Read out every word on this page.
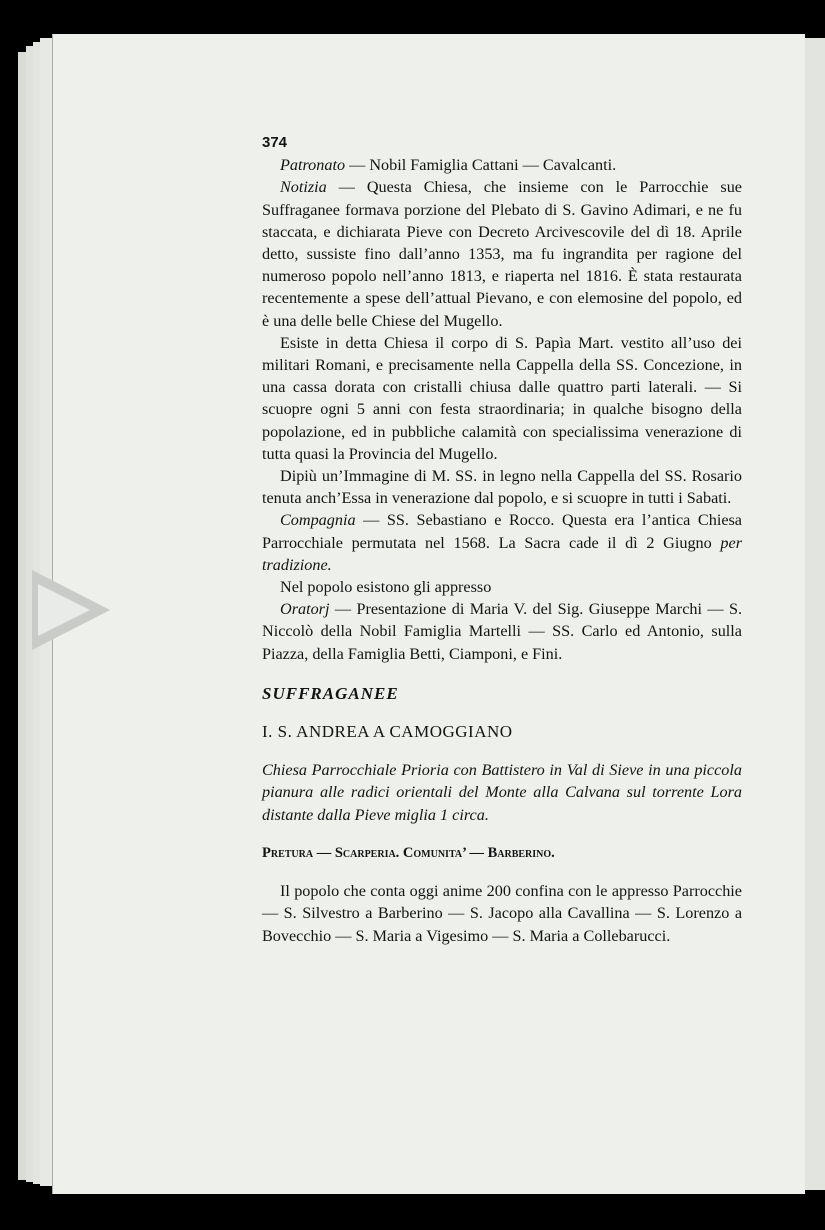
374

Patronato — Nobil Famiglia Cattani — Cavalcanti.

Notizia — Questa Chiesa, che insieme con le Parrocchie sue Suffraganee formava porzione del Plebato di S. Gavino Adimari, e ne fu staccata, e dichiarata Pieve con Decreto Arcivescovile del dì 18. Aprile detto, sussiste fino dall’anno 1353, ma fu ingrandita per ragione del numeroso popolo nell’anno 1813, e riaperta nel 1816. È stata restaurata recentemente a spese dell’attual Pievano, e con elemosine del popolo, ed è una delle belle Chiese del Mugello.

Esiste in detta Chiesa il corpo di S. Papìa Mart. vestito all’uso dei militari Romani, e precisamente nella Cappella della SS. Concezione, in una cassa dorata con cristalli chiusa dalle quattro parti laterali. — Si scuopre ogni 5 anni con festa straordinaria; in qualche bisogno della popolazione, ed in pubbliche calamità con specialissima venerazione di tutta quasi la Provincia del Mugello.

Dipiù un’Immagine di M. SS. in legno nella Cappella del SS. Rosario tenuta anch’Essa in venerazione dal popolo, e si scuopre in tutti i Sabati.

Compagnia — SS. Sebastiano e Rocco. Questa era l’antica Chiesa Parrocchiale permutata nel 1568. La Sacra cade il dì 2 Giugno per tradizione.

Nel popolo esistono gli appresso

Oratorj — Presentazione di Maria V. del Sig. Giuseppe Marchi — S. Niccolò della Nobil Famiglia Martelli — SS. Carlo ed Antonio, sulla Piazza, della Famiglia Betti, Ciamponi, e Fini.

SUFFRAGANEE

I. S. ANDREA A CAMOGGIANO

Chiesa Parrocchiale Prioria con Battistero in Val di Sieve in una piccola pianura alle radici orientali del Monte alla Calvana sul torrente Lora distante dalla Pieve miglia 1 circa.

Pretura — Scarperia. Comunita’ — Barberino.

Il popolo che conta oggi anime 200 confina con le appresso Parrocchie — S. Silvestro a Barberino — S. Jacopo alla Cavallina — S. Lorenzo a Bovecchio — S. Maria a Vigesimo — S. Maria a Collebarucci.
